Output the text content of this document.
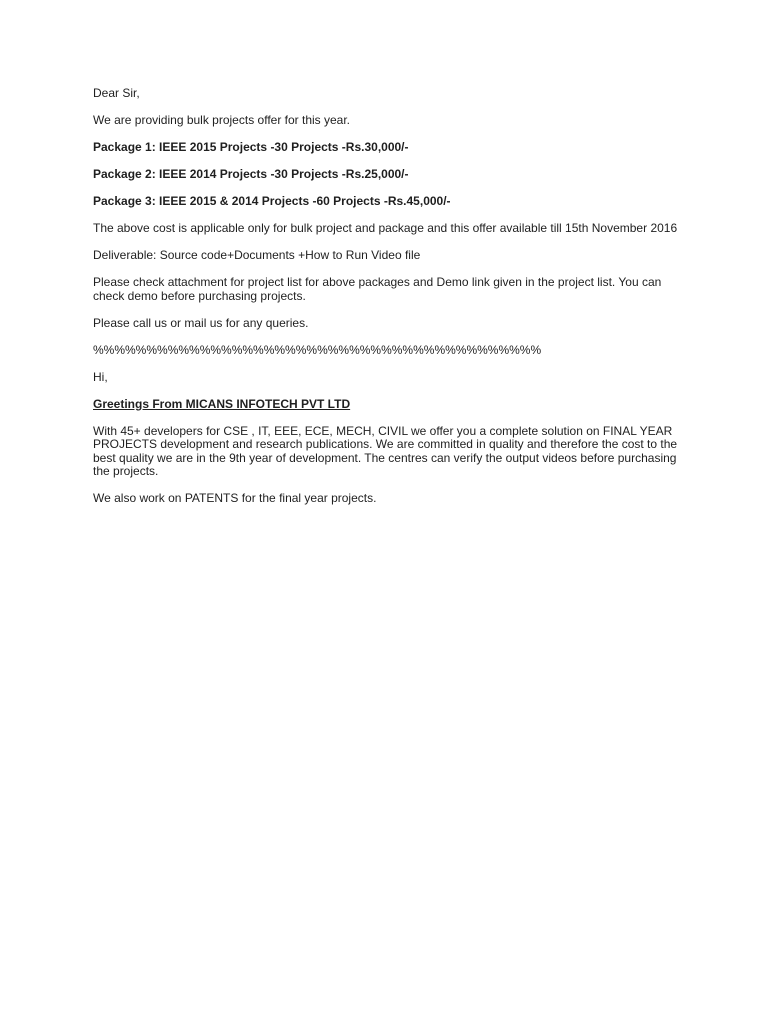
Dear Sir,

We are providing bulk projects offer for this year.

Package 1: IEEE 2015 Projects -30 Projects -Rs.30,000/-

Package 2: IEEE 2014 Projects -30 Projects -Rs.25,000/-

Package 3: IEEE 2015 & 2014 Projects -60 Projects -Rs.45,000/-

The above cost is applicable only for bulk project and package and this offer available till 15th November 2016

Deliverable: Source code+Documents +How to Run Video file

Please check attachment for project list for above packages and Demo link given in the project list. You can check demo before purchasing projects.

Please call us or mail us for any queries.

%%%%%%%%%%%%%%%%%%%%%%%%%%%%%%%%%%%%%%%%%%

Hi,

Greetings From MICANS INFOTECH PVT LTD

With 45+ developers for CSE , IT, EEE, ECE, MECH, CIVIL we offer you a complete solution on FINAL YEAR PROJECTS development and research publications. We are committed in quality and therefore the cost to the best quality we are in the 9th year of development. The centres can verify the output videos before purchasing the projects.

We also work on PATENTS for the final year projects.
